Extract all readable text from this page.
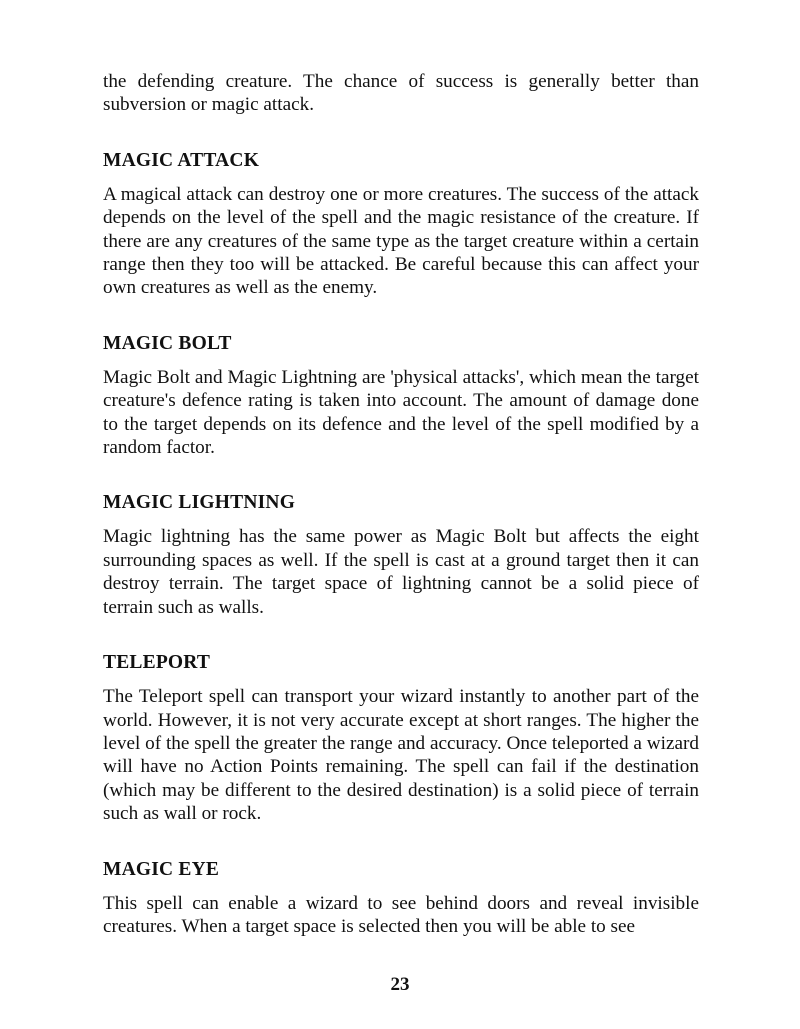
the defending creature. The chance of success is generally better than subversion or magic attack.

MAGIC ATTACK

A magical attack can destroy one or more creatures. The success of the attack depends on the level of the spell and the magic resistance of the creature. If there are any creatures of the same type as the target creature within a certain range then they too will be attacked. Be careful because this can affect your own creatures as well as the enemy.

MAGIC BOLT

Magic Bolt and Magic Lightning are 'physical attacks', which mean the target creature's defence rating is taken into account. The amount of damage done to the target depends on its defence and the level of the spell modified by a random factor.

MAGIC LIGHTNING

Magic lightning has the same power as Magic Bolt but affects the eight surrounding spaces as well. If the spell is cast at a ground target then it can destroy terrain. The target space of lightning cannot be a solid piece of terrain such as walls.

TELEPORT

The Teleport spell can transport your wizard instantly to another part of the world. However, it is not very accurate except at short ranges. The higher the level of the spell the greater the range and accuracy. Once teleported a wizard will have no Action Points remaining. The spell can fail if the destination (which may be different to the desired destination) is a solid piece of terrain such as wall or rock.

MAGIC EYE

This spell can enable a wizard to see behind doors and reveal invisible creatures. When a target space is selected then you will be able to see

23
